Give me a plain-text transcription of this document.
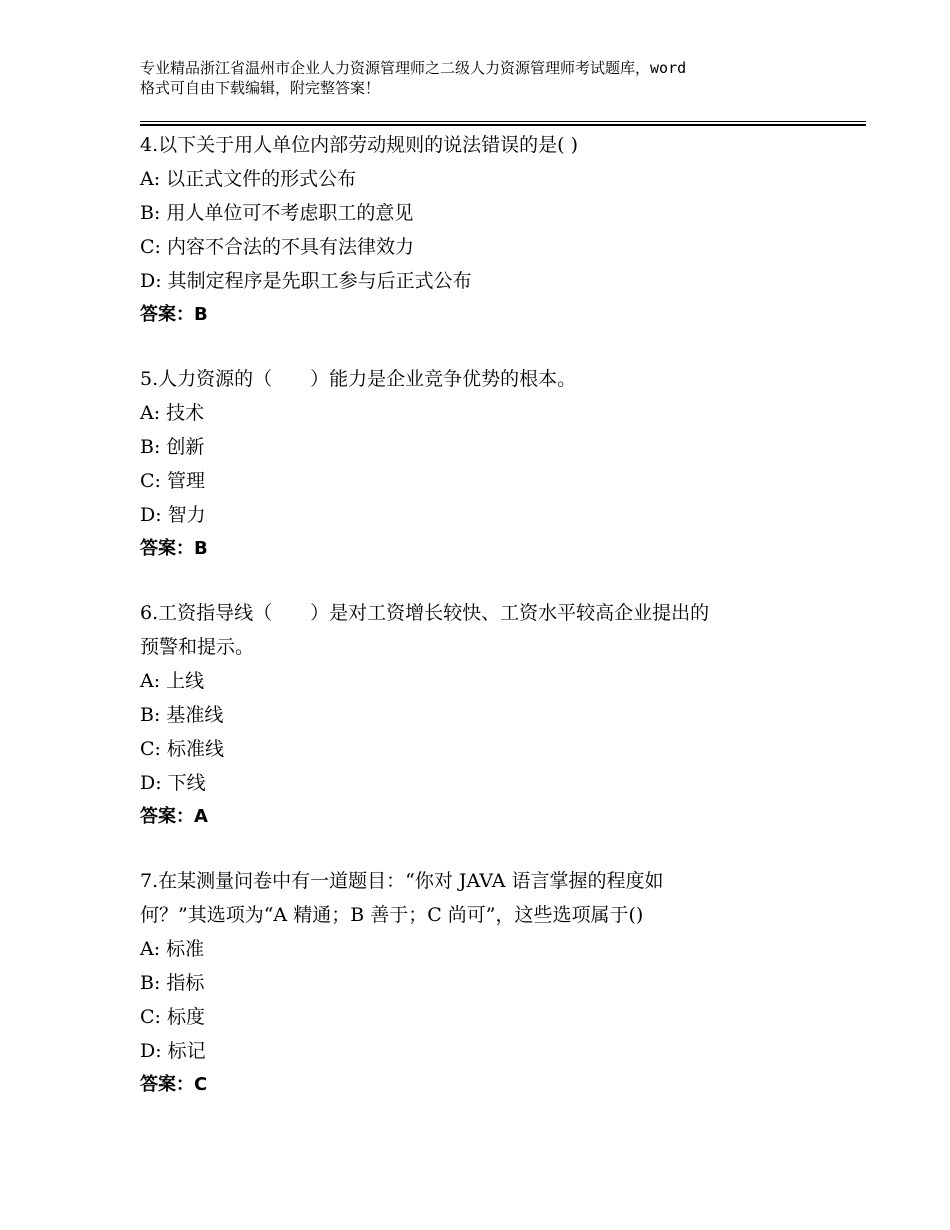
专业精品浙江省温州市企业人力资源管理师之二级人力资源管理师考试题库，word
格式可自由下载编辑，附完整答案！
4.以下关于用人单位内部劳动规则的说法错误的是( )
A: 以正式文件的形式公布
B: 用人单位可不考虑职工的意见
C: 内容不合法的不具有法律效力
D: 其制定程序是先职工参与后正式公布
答案：B
5.人力资源的（　　）能力是企业竞争优势的根本。
A: 技术
B: 创新
C: 管理
D: 智力
答案：B
6.工资指导线（　　）是对工资增长较快、工资水平较高企业提出的
预警和提示。
A: 上线
B: 基准线
C: 标准线
D: 下线
答案：A
7.在某测量问卷中有一道题目：“你对 JAVA 语言掌握的程度如
何？”其选项为“A 精通；B 善于；C 尚可”，这些选项属于()
A: 标准
B: 指标
C: 标度
D: 标记
答案：C
